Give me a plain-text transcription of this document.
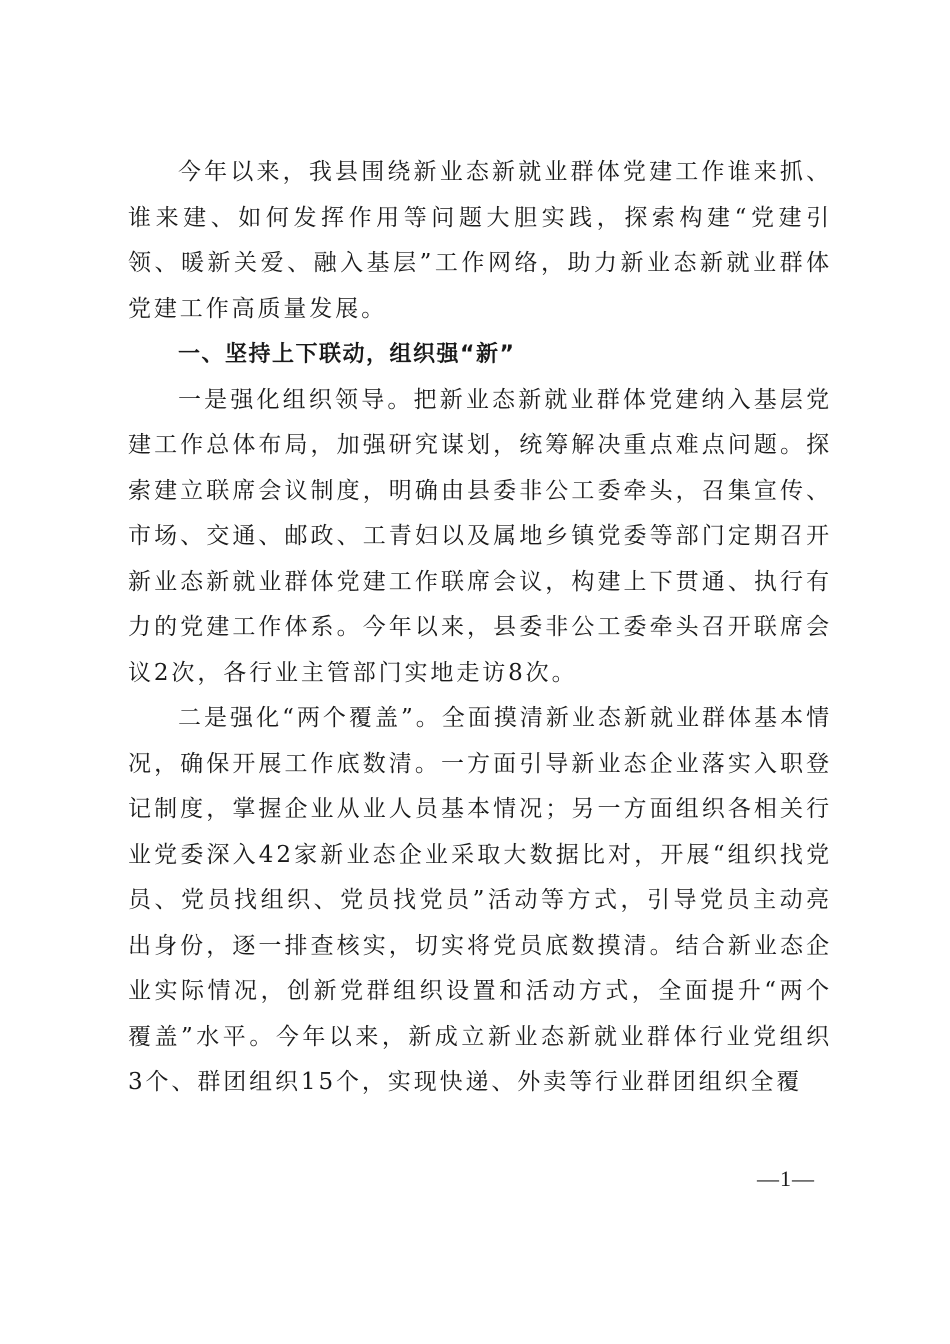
今年以来，我县围绕新业态新就业群体党建工作谁来抓、谁来建、如何发挥作用等问题大胆实践，探索构建“党建引领、暖新关爱、融入基层”工作网络，助力新业态新就业群体党建工作高质量发展。

一、坚持上下联动，组织强“新”

一是强化组织领导。把新业态新就业群体党建纳入基层党建工作总体布局，加强研究谋划，统筹解决重点难点问题。探索建立联席会议制度，明确由县委非公工委牵头，召集宣传、市场、交通、邮政、工青妇以及属地乡镇党委等部门定期召开新业态新就业群体党建工作联席会议，构建上下贯通、执行有力的党建工作体系。今年以来，县委非公工委牵头召开联席会议2次，各行业主管部门实地走访8次。

二是强化“两个覆盖”。全面摸清新业态新就业群体基本情况，确保开展工作底数清。一方面引导新业态企业落实入职登记制度，掌握企业从业人员基本情况；另一方面组织各相关行业党委深入42家新业态企业采取大数据比对，开展“组织找党员、党员找组织、党员找党员”活动等方式，引导党员主动亮出身份，逐一排查核实，切实将党员底数摸清。结合新业态企业实际情况，创新党群组织设置和活动方式，全面提升“两个覆盖”水平。今年以来，新成立新业态新就业群体行业党组织3个、群团组织15个，实现快递、外卖等行业群团组织全覆

—1—
